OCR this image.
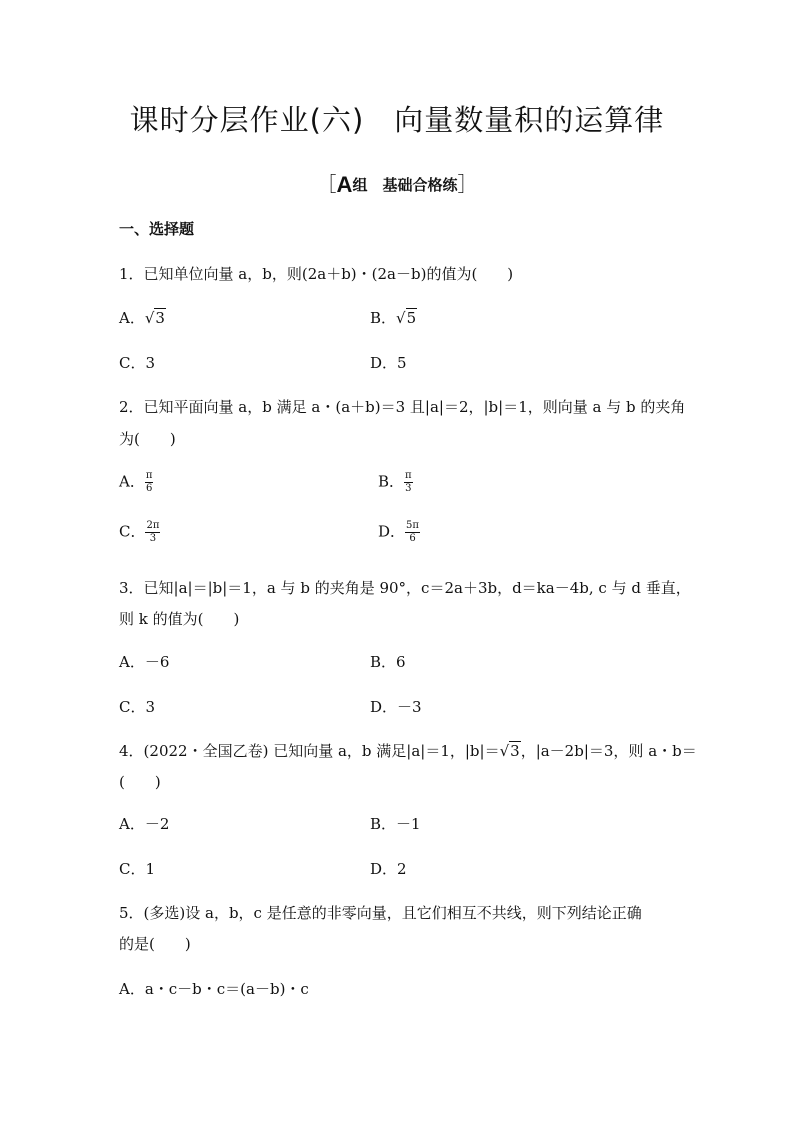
课时分层作业(六)　向量数量积的运算律
［A组　基础合格练］
一、选择题
1．已知单位向量 a，b，则(2a＋b)・(2a－b)的值为(　　)
A．√3	B．√5
C．3	D．5
2．已知平面向量 a，b 满足 a・(a＋b)＝3 且|a|＝2，|b|＝1，则向量 a 与 b 的夹角
为(　　)
A． $\frac{\pi}{6}$	B． $\frac{\pi}{3}$
C． $\frac{2\pi}{3}$	D． $\frac{5\pi}{6}$
3．已知|a|＝|b|＝1，a 与 b 的夹角是 90°，c＝2a＋3b，d＝ka－4b, c 与 d 垂直，
则 k 的值为(　　)
A．－6	B．6
C．3	D．－3
4．(2022・全国乙卷) 已知向量 a，b 满足|a|＝1，|b|＝√3，|a－2b|＝3，则 a・b＝
(　　)
A．－2	B．－1
C．1	D．2
5．(多选)设 a，b，c 是任意的非零向量，且它们相互不共线，则下列结论正确
的是(　　)
A．a・c－b・c＝(a－b)・c
